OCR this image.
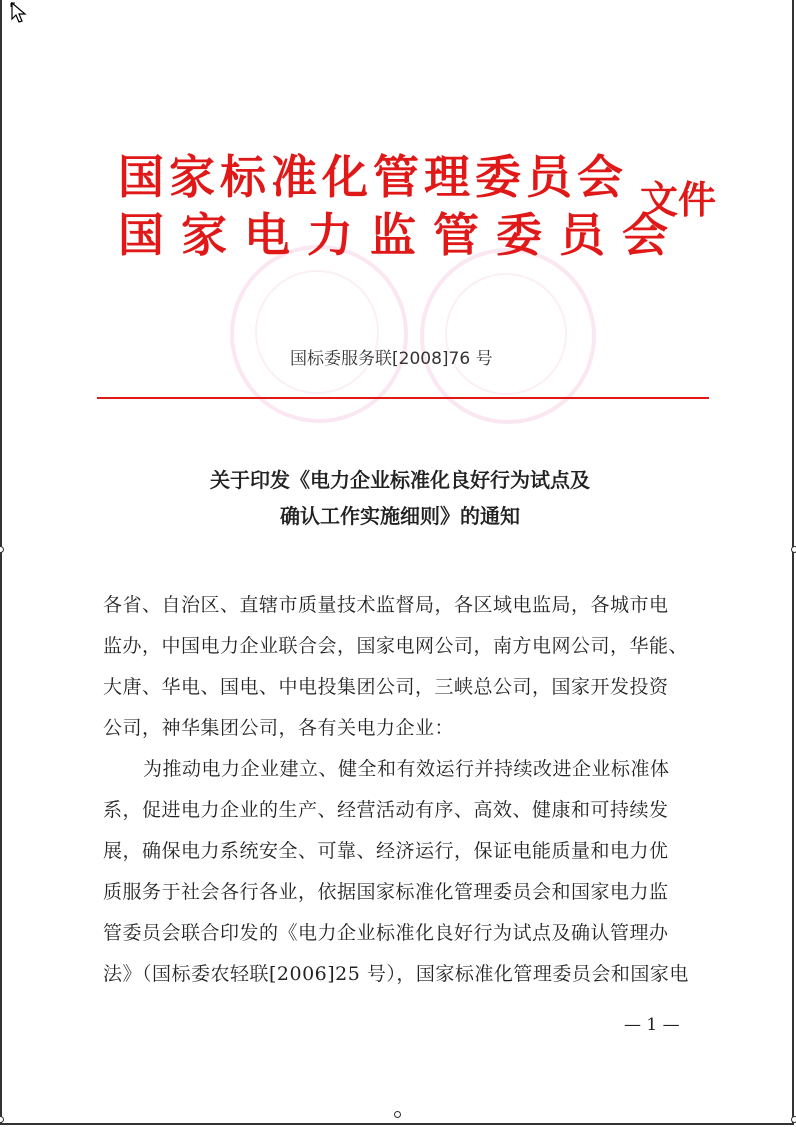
国家标准化管理委员会
国家电力监管委员会
文件
国标委服务联[2008]76 号
关于印发《电力企业标准化良好行为试点及
确认工作实施细则》的通知
各省、自治区、直辖市质量技术监督局，各区域电监局，各城市电
监办，中国电力企业联合会，国家电网公司，南方电网公司，华能、
大唐、华电、国电、中电投集团公司，三峡总公司，国家开发投资
公司，神华集团公司，各有关电力企业：
为推动电力企业建立、健全和有效运行并持续改进企业标准体
系，促进电力企业的生产、经营活动有序、高效、健康和可持续发
展，确保电力系统安全、可靠、经济运行，保证电能质量和电力优
质服务于社会各行各业，依据国家标准化管理委员会和国家电力监
管委员会联合印发的《电力企业标准化良好行为试点及确认管理办
法》（国标委农轻联[2006]25 号），国家标准化管理委员会和国家电
— 1 —
